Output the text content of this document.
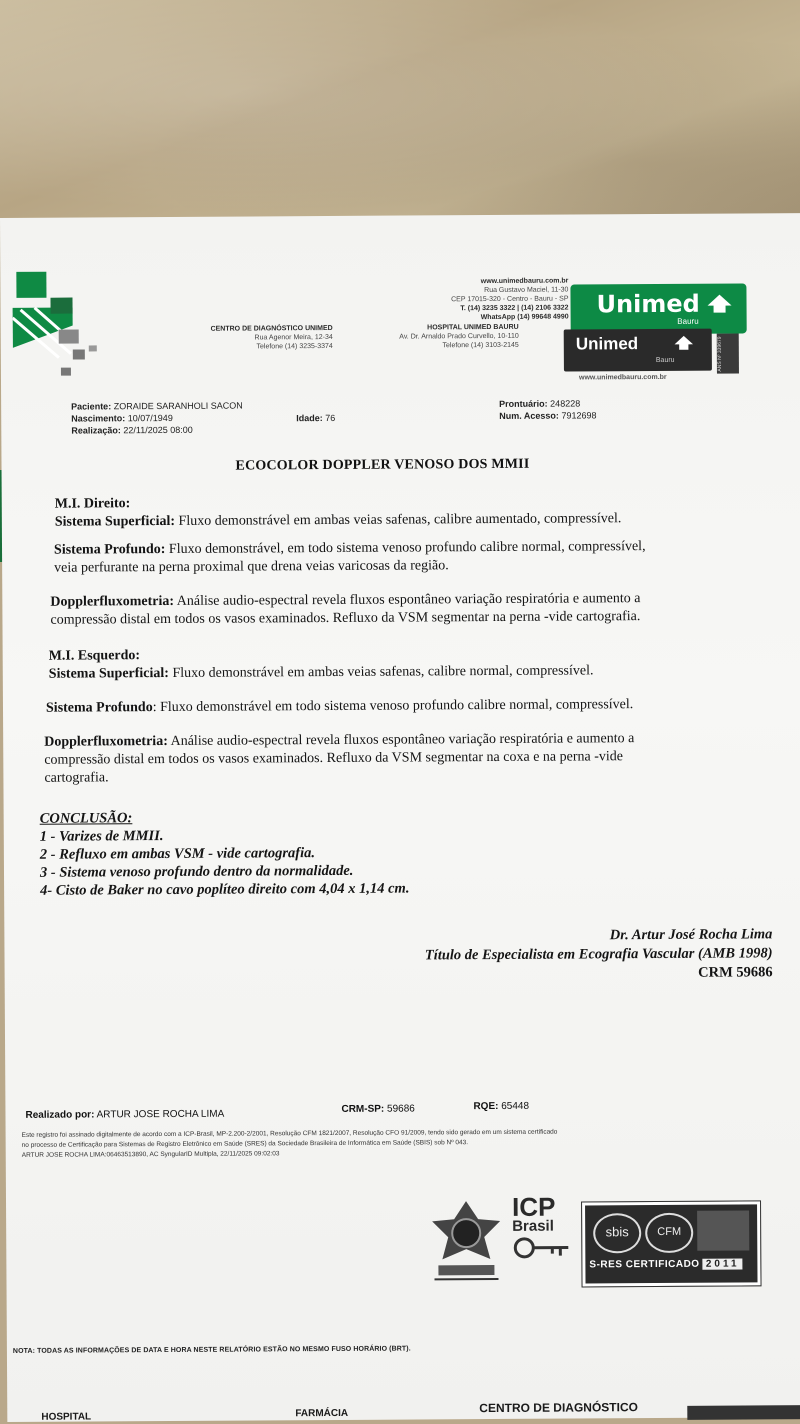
www.unimedbauru.com.br
Rua Gustavo Maciel, 11-30
CEP 17015-320 - Centro - Bauru - SP
T. (14) 3235 3322 | (14) 2106 3322
WhatsApp (14) 99648 4990
CENTRO DE DIAGNÓSTICO UNIMED
Rua Agenor Meira, 12-34
Telefone (14) 3235-3374
HOSPITAL UNIMED BAURU
Av. Dr. Arnaldo Prado Curvello, 10-110
Telefone (14) 3103-2145
Unimed
Bauru
Unimed
Bauru	ANS Nº 339679
www.unimedbauru.com.br
Paciente: ZORAIDE SARANHOLI SACON
Nascimento: 10/07/1949
Realização: 22/11/2025 08:00
Idade: 76
Prontuário: 248228
Num. Acesso: 7912698
ECOCOLOR DOPPLER VENOSO DOS MMII
M.I. Direito:
Sistema Superficial: Fluxo demonstrável em ambas veias safenas, calibre aumentado, compressível.
Sistema Profundo: Fluxo demonstrável, em todo sistema venoso profundo calibre normal, compressível,
veia perfurante na perna proximal que drena veias varicosas da região.
Dopplerfluxometria: Análise audio-espectral revela fluxos espontâneo variação respiratória e aumento a
compressão distal em todos os vasos examinados. Refluxo da VSM segmentar na perna -vide cartografia.
M.I. Esquerdo:
Sistema Superficial: Fluxo demonstrável em ambas veias safenas, calibre normal, compressível.
Sistema Profundo: Fluxo demonstrável em todo sistema venoso profundo calibre normal, compressível.
Dopplerfluxometria: Análise audio-espectral revela fluxos espontâneo variação respiratória e aumento a
compressão distal em todos os vasos examinados. Refluxo da VSM segmentar na coxa e na perna -vide
cartografia.
CONCLUSÃO:
1 - Varizes de MMII.
2 - Refluxo em ambas VSM - vide cartografia.
3 - Sistema venoso profundo dentro da normalidade.
4- Cisto de Baker no cavo poplíteo direito com 4,04 x 1,14 cm.
Dr. Artur José Rocha Lima
Título de Especialista em Ecografia Vascular (AMB 1998)
CRM 59686
Realizado por: ARTUR JOSE ROCHA LIMA	CRM-SP: 59686	RQE: 65448
Este registro foi assinado digitalmente de acordo com a ICP-Brasil, MP-2.200-2/2001, Resolução CFM 1821/2007, Resolução CFO 91/2009, tendo sido gerado em um sistema certificado
no processo de Certificação para Sistemas de Registro Eletrônico em Saúde (SRES) da Sociedade Brasileira de Informática em Saúde (SBIS) sob Nº 043.
ARTUR JOSE ROCHA LIMA:06463513890, AC SyngularID Multipla, 22/11/2025 09:02:03
ICP
Brasil	sbis	CFM
S-RES CERTIFICADO 2011
NOTA: TODAS AS INFORMAÇÕES DE DATA E HORA NESTE RELATÓRIO ESTÃO NO MESMO FUSO HORÁRIO (BRT).
HOSPITAL	FARMÁCIA	CENTRO DE DIAGNÓSTICO
